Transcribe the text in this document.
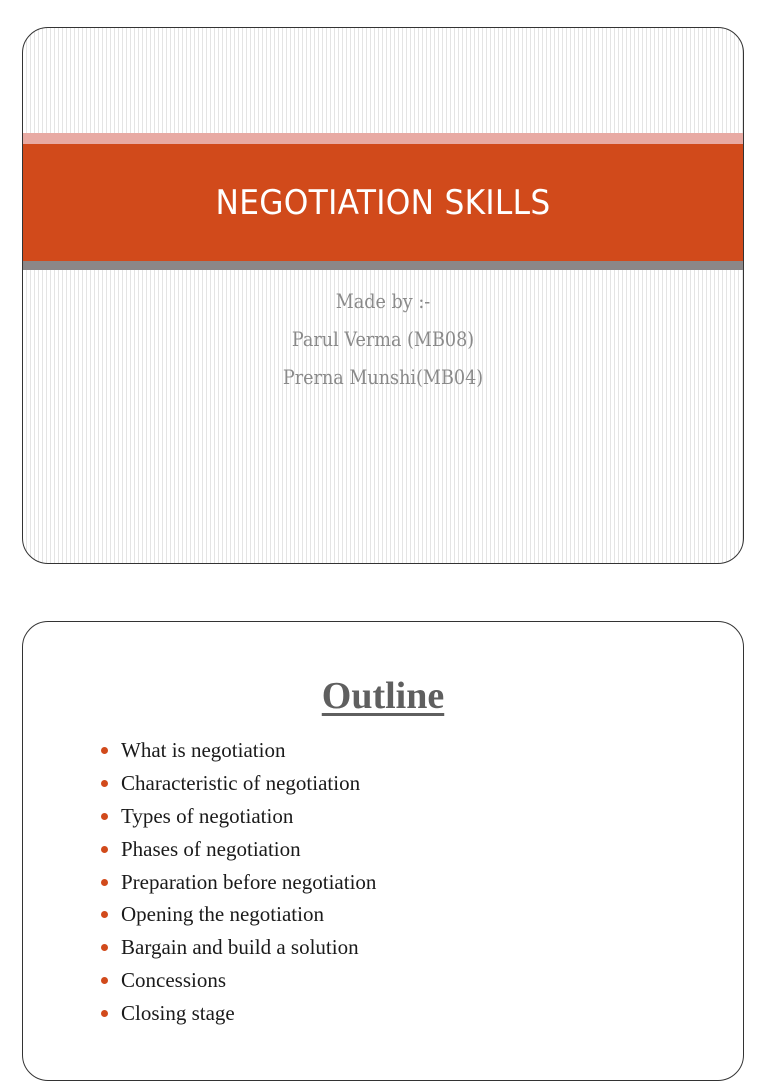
NEGOTIATION SKILLS
Made by :-
Parul Verma (MB08)
Prerna Munshi(MB04)
Outline
What is negotiation
Characteristic of negotiation
Types of negotiation
Phases of negotiation
Preparation before negotiation
Opening the negotiation
Bargain and build a solution
Concessions
Closing stage
